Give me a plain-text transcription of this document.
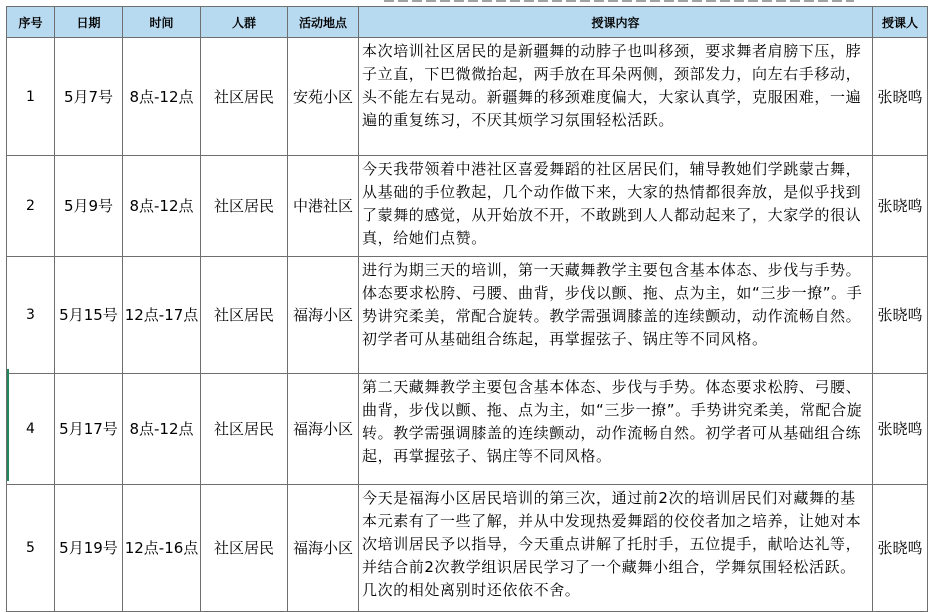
序号	日期	时间	人群	活动地点	授课内容	授课人
1	5月7号	8点-12点	社区居民	安苑小区	本次培训社区居民的是新疆舞的动脖子也叫移颈，要求舞者肩膀下压，脖子立直，下巴微微抬起，两手放在耳朵两侧，颈部发力，向左右手移动，头不能左右晃动。新疆舞的移颈难度偏大，大家认真学，克服困难，一遍遍的重复练习，不厌其烦学习氛围轻松活跃。	张晓鸣
2	5月9号	8点-12点	社区居民	中港社区	今天我带领着中港社区喜爱舞蹈的社区居民们，辅导教她们学跳蒙古舞，从基础的手位教起，几个动作做下来，大家的热情都很奔放，是似乎找到了蒙舞的感觉，从开始放不开，不敢跳到人人都动起来了，大家学的很认真，给她们点赞。	张晓鸣
3	5月15号	12点-17点	社区居民	福海小区	进行为期三天的培训，第一天藏舞教学主要包含基本体态、步伐与手势。体态要求松胯、弓腰、曲背，步伐以颤、拖、点为主，如“三步一撩”。手势讲究柔美，常配合旋转。教学需强调膝盖的连续颤动，动作流畅自然。初学者可从基础组合练起，再掌握弦子、锅庄等不同风格。	张晓鸣
4	5月17号	8点-12点	社区居民	福海小区	第二天藏舞教学主要包含基本体态、步伐与手势。体态要求松胯、弓腰、曲背，步伐以颤、拖、点为主，如“三步一撩”。手势讲究柔美，常配合旋转。教学需强调膝盖的连续颤动，动作流畅自然。初学者可从基础组合练起，再掌握弦子、锅庄等不同风格。	张晓鸣
5	5月19号	12点-16点	社区居民	福海小区	今天是福海小区居民培训的第三次，通过前2次的培训居民们对藏舞的基本元素有了一些了解，并从中发现热爱舞蹈的佼佼者加之培养，让她对本次培训居民予以指导，今天重点讲解了托肘手，五位提手，献哈达礼等，并结合前2次教学组识居民学习了一个藏舞小组合，学舞氛围轻松活跃。几次的相处离别时还依依不舍。	张晓鸣
